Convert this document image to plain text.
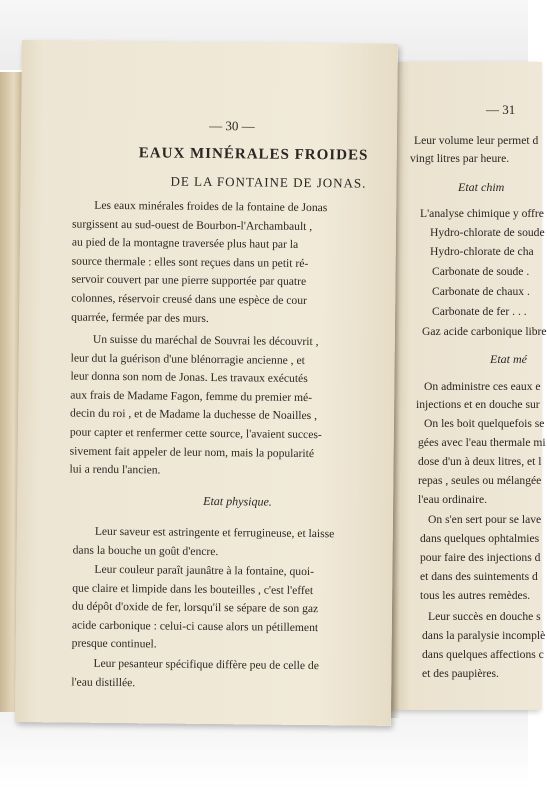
— 31
Leur volume leur permet d
vingt litres par heure.
Etat chim
L'analyse chimique y offre
Hydro-chlorate de soude
Hydro-chlorate de cha
Carbonate de soude .
Carbonate de chaux .
Carbonate de fer . . .
Gaz acide carbonique libre
Etat mé
On administre ces eaux e
injections et en douche sur
On les boit quelquefois se
gées avec l'eau thermale mi
dose d'un à deux litres, et l
repas , seules ou mélangée
l'eau ordinaire.
On s'en sert pour se lave
dans quelques ophtalmies
pour faire des injections d
et dans des suintements d
tous les autres remèdes.
Leur succès en douche s
dans la paralysie incomplè
dans quelques affections c
et des paupières.
— 30 —
EAUX MINÉRALES FROIDES
DE LA FONTAINE DE JONAS.
Les eaux minérales froides de la fontaine de Jonas
surgissent au sud-ouest de Bourbon-l'Archambault ,
au pied de la montagne traversée plus haut par la
source thermale : elles sont reçues dans un petit ré-
servoir couvert par une pierre supportée par quatre
colonnes, réservoir creusé dans une espèce de cour
quarrée, fermée par des murs.
Un suisse du maréchal de Souvrai les découvrit ,
leur dut la guérison d'une blénorragie ancienne , et
leur donna son nom de Jonas. Les travaux exécutés
aux frais de Madame Fagon, femme du premier mé-
decin du roi , et de Madame la duchesse de Noailles ,
pour capter et renfermer cette source, l'avaient succes-
sivement fait appeler de leur nom, mais la popularité
lui a rendu l'ancien.
Etat physique.
Leur saveur est astringente et ferrugineuse, et laisse
dans la bouche un goût d'encre.
Leur couleur paraît jaunâtre à la fontaine, quoi-
que claire et limpide dans les bouteilles , c'est l'effet
du dépôt d'oxide de fer, lorsqu'il se sépare de son gaz
acide carbonique : celui-ci cause alors un pétillement
presque continuel.
Leur pesanteur spécifique diffère peu de celle de
l'eau distillée.
